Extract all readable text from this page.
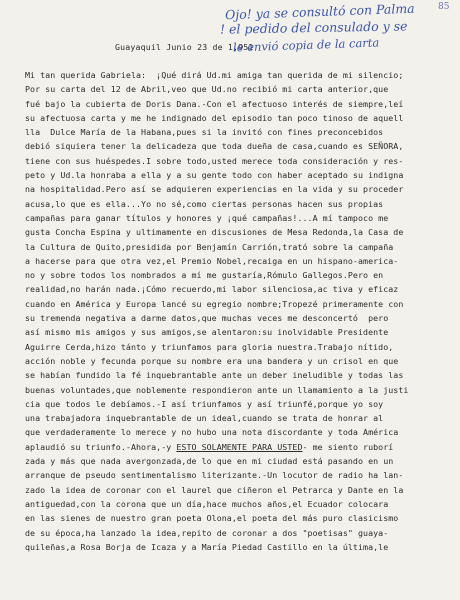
Ojo! ya se consultó con Palma
! el pedido del consulado y se
le envió copia de la carta
85
Guayaquil Junio 23 de 1,951
Mi tan querida Gabriela:  ¡Qué dirá Ud.mi amiga tan querida de mi silencio;
Por su carta del 12 de Abril,veo que Ud.no recibió mi carta anterior,que
fué bajo la cubierta de Doris Dana.-Con el afectuoso interés de siempre,leí
su afectuosa carta y me he indignado del episodio tan poco tinoso de aquell
lla  Dulce María de la Habana,pues si la invitó con fines preconcebidos
debió siquiera tener la delicadeza que toda dueña de casa,cuando es SEÑORA,
tiene con sus huéspedes.I sobre todo,usted merece toda consideración y res-
peto y Ud.la honraba a ella y a su gente todo con haber aceptado su indigna
na hospitalidad.Pero así se adquieren experiencias en la vida y su proceder
acusa,lo que es ella...Yo no sé,como ciertas personas hacen sus propias
campañas para ganar títulos y honores y ¡qué campañas!...A mí tampoco me
gusta Concha Espina y ultimamente en discusiones de Mesa Redonda,la Casa de
la Cultura de Quito,presidida por Benjamín Carrión,trató sobre la campaña
a hacerse para que otra vez,el Premio Nobel,recaiga en un hispano-america-
no y sobre todos los nombrados a mí me gustaría,Rómulo Gallegos.Pero en
realidad,no harán nada.¡Cómo recuerdo,mi labor silenciosa,ac tiva y eficaz
cuando en América y Europa lancé su egregio nombre;Tropezé primeramente con
su tremenda negativa a darme datos,que muchas veces me desconcertó  pero
así mismo mis amigos y sus amigos,se alentaron:su inolvidable Presidente
Aguirre Cerda,hizo tánto y triunfamos para gloria nuestra.Trabajo nítido,
acción noble y fecunda porque su nombre era una bandera y un crisol en que
se habían fundido la fé inquebrantable ante un deber ineludible y todas las
buenas voluntades,que noblemente respondieron ante un llamamiento a la justi
cia que todos le debíamos.-I así triunfamos y así triunfé,porque yo soy
una trabajadora inquebrantable de un ideal,cuando se trata de honrar al
que verdaderamente lo merece y no hubo una nota discordante y toda América
aplaudió su triunfo.-Ahora,-y ESTO SOLAMENTE PARA USTED- me siento ruborí
zada y más que nada avergonzada,de lo que en mi ciudad está pasando en un
arranque de pseudo sentimentalismo literizante.-Un locutor de radio ha lan-
zado la idea de coronar con el laurel que ciñeron el Petrarca y Dante en la
antiguedad,con la corona que un día,hace muchos años,el Ecuador colocara
en las sienes de nuestro gran poeta Olona,el poeta del más puro clasicismo
de su época,ha lanzado la idea,repito de coronar a dos "poetisas" guaya-
quileñas,a Rosa Borja de Icaza y a María Piedad Castillo en la última,le
